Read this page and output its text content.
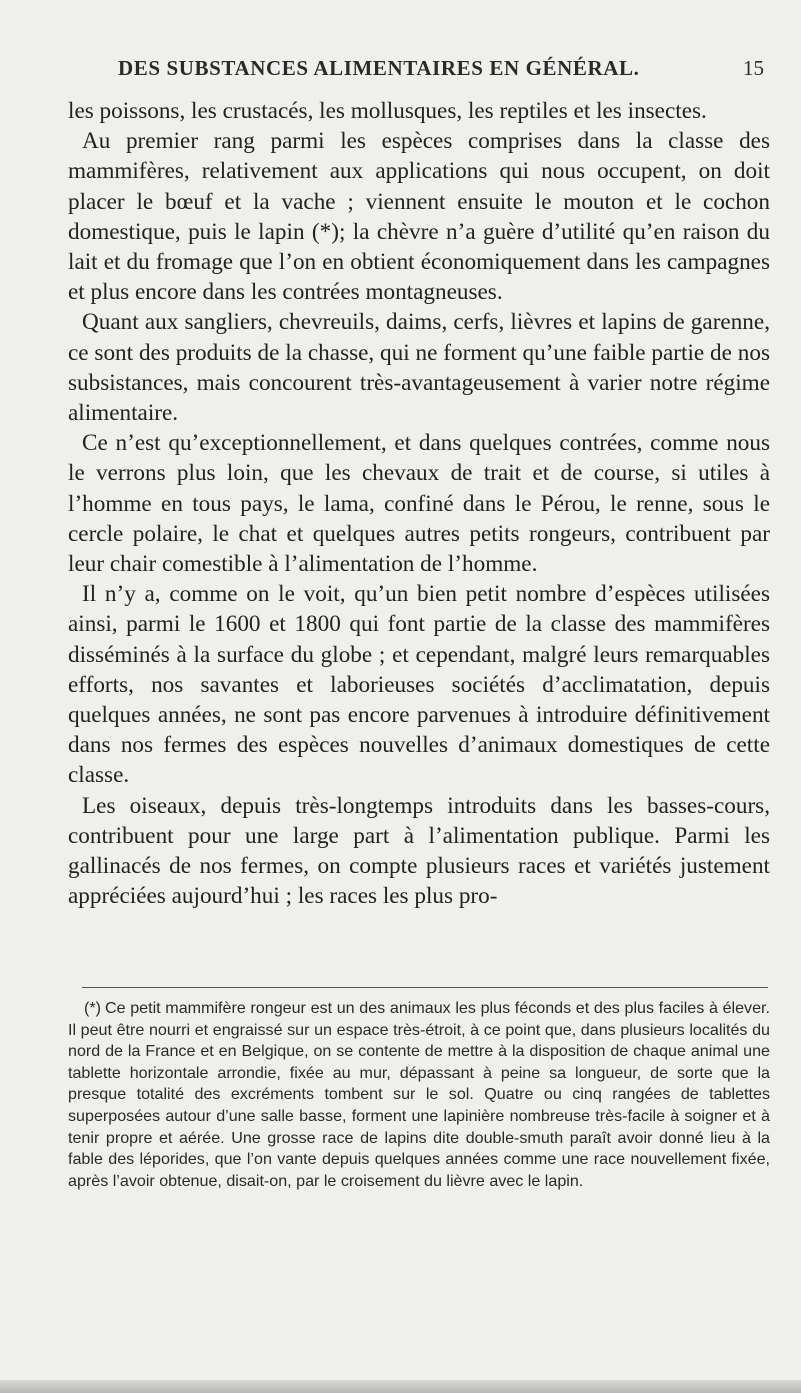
DES SUBSTANCES ALIMENTAIRES EN GÉNÉRAL.	15

les poissons, les crustacés, les mollusques, les reptiles et les insectes.

Au premier rang parmi les espèces comprises dans la classe des mammifères, relativement aux applications qui nous occupent, on doit placer le bœuf et la vache ; viennent ensuite le mouton et le cochon domestique, puis le lapin (*); la chèvre n’a guère d’utilité qu’en raison du lait et du fromage que l’on en obtient économiquement dans les campagnes et plus encore dans les contrées montagneuses.

Quant aux sangliers, chevreuils, daims, cerfs, lièvres et lapins de garenne, ce sont des produits de la chasse, qui ne forment qu’une faible partie de nos subsistances, mais concourent très-avantageusement à varier notre régime alimentaire.

Ce n’est qu’exceptionnellement, et dans quelques contrées, comme nous le verrons plus loin, que les chevaux de trait et de course, si utiles à l’homme en tous pays, le lama, confiné dans le Pérou, le renne, sous le cercle polaire, le chat et quelques autres petits rongeurs, contribuent par leur chair comestible à l’alimentation de l’homme.

Il n’y a, comme on le voit, qu’un bien petit nombre d’espèces utilisées ainsi, parmi le 1600 et 1800 qui font partie de la classe des mammifères disséminés à la surface du globe ; et cependant, malgré leurs remarquables efforts, nos savantes et laborieuses sociétés d’acclimatation, depuis quelques années, ne sont pas encore parvenues à introduire définitivement dans nos fermes des espèces nouvelles d’animaux domestiques de cette classe.

Les oiseaux, depuis très-longtemps introduits dans les basses-cours, contribuent pour une large part à l’alimentation publique. Parmi les gallinacés de nos fermes, on compte plusieurs races et variétés justement appréciées aujourd’hui ; les races les plus pro-

(*) Ce petit mammifère rongeur est un des animaux les plus féconds et des plus faciles à élever. Il peut être nourri et engraissé sur un espace très-étroit, à ce point que, dans plusieurs localités du nord de la France et en Belgique, on se contente de mettre à la disposition de chaque animal une tablette horizontale arrondie, fixée au mur, dépassant à peine sa longueur, de sorte que la presque totalité des excréments tombent sur le sol. Quatre ou cinq rangées de tablettes superposées autour d’une salle basse, forment une lapinière nombreuse très-facile à soigner et à tenir propre et aérée. Une grosse race de lapins dite double-smuth paraît avoir donné lieu à la fable des léporides, que l’on vante depuis quelques années comme une race nouvellement fixée, après l’avoir obtenue, disait-on, par le croisement du lièvre avec le lapin.
